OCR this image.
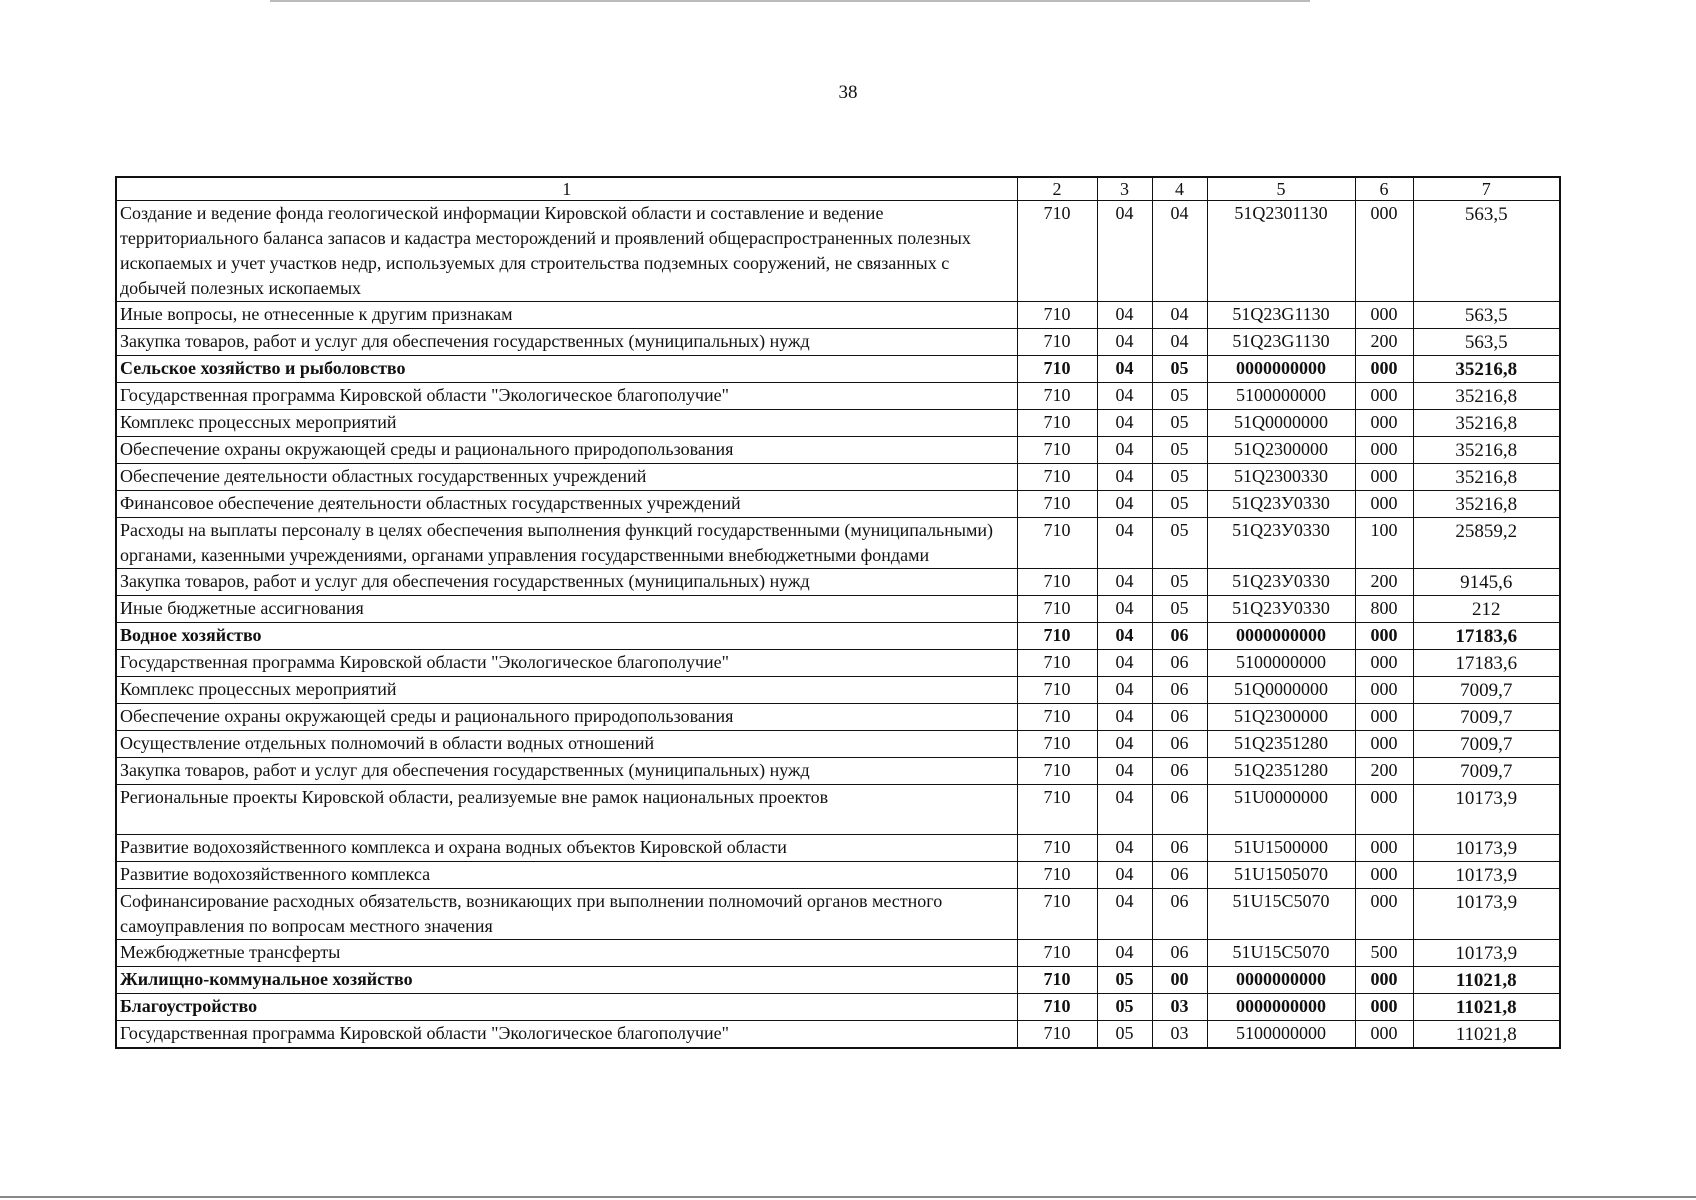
38
1	2	3	4	5	6	7
Создание и ведение фонда геологической информации Кировской области и составление и ведение территориального баланса запасов и кадастра месторождений и проявлений общераспространенных полезных ископаемых и учет участков недр, используемых для строительства подземных сооружений, не связанных с добычей полезных ископаемых	710	04	04	51Q2301130	000	563,5
Иные вопросы, не отнесенные к другим признакам	710	04	04	51Q23G1130	000	563,5
Закупка товаров, работ и услуг для обеспечения государственных (муниципальных) нужд	710	04	04	51Q23G1130	200	563,5
Сельское хозяйство и рыболовство	710	04	05	0000000000	000	35216,8
Государственная программа Кировской области "Экологическое благополучие"	710	04	05	5100000000	000	35216,8
Комплекс процессных мероприятий	710	04	05	51Q0000000	000	35216,8
Обеспечение охраны окружающей среды и рационального природопользования	710	04	05	51Q2300000	000	35216,8
Обеспечение деятельности областных государственных учреждений	710	04	05	51Q2300330	000	35216,8
Финансовое обеспечение деятельности областных государственных учреждений	710	04	05	51Q23У0330	000	35216,8
Расходы на выплаты персоналу в целях обеспечения выполнения функций государственными (муниципальными) органами, казенными учреждениями, органами управления государственными внебюджетными фондами	710	04	05	51Q23У0330	100	25859,2
Закупка товаров, работ и услуг для обеспечения государственных (муниципальных) нужд	710	04	05	51Q23У0330	200	9145,6
Иные бюджетные ассигнования	710	04	05	51Q23У0330	800	212
Водное хозяйство	710	04	06	0000000000	000	17183,6
Государственная программа Кировской области "Экологическое благополучие"	710	04	06	5100000000	000	17183,6
Комплекс процессных мероприятий	710	04	06	51Q0000000	000	7009,7
Обеспечение охраны окружающей среды и рационального природопользования	710	04	06	51Q2300000	000	7009,7
Осуществление отдельных полномочий в области водных отношений	710	04	06	51Q2351280	000	7009,7
Закупка товаров, работ и услуг для обеспечения государственных (муниципальных) нужд	710	04	06	51Q2351280	200	7009,7
Региональные проекты Кировской области, реализуемые вне рамок национальных проектов	710	04	06	51U0000000	000	10173,9
Развитие водохозяйственного комплекса и охрана водных объектов Кировской области	710	04	06	51U1500000	000	10173,9
Развитие водохозяйственного комплекса	710	04	06	51U1505070	000	10173,9
Софинансирование расходных обязательств, возникающих при выполнении полномочий органов местного самоуправления по вопросам местного значения	710	04	06	51U15C5070	000	10173,9
Межбюджетные трансферты	710	04	06	51U15C5070	500	10173,9
Жилищно-коммунальное хозяйство	710	05	00	0000000000	000	11021,8
Благоустройство	710	05	03	0000000000	000	11021,8
Государственная программа Кировской области "Экологическое благополучие"	710	05	03	5100000000	000	11021,8
